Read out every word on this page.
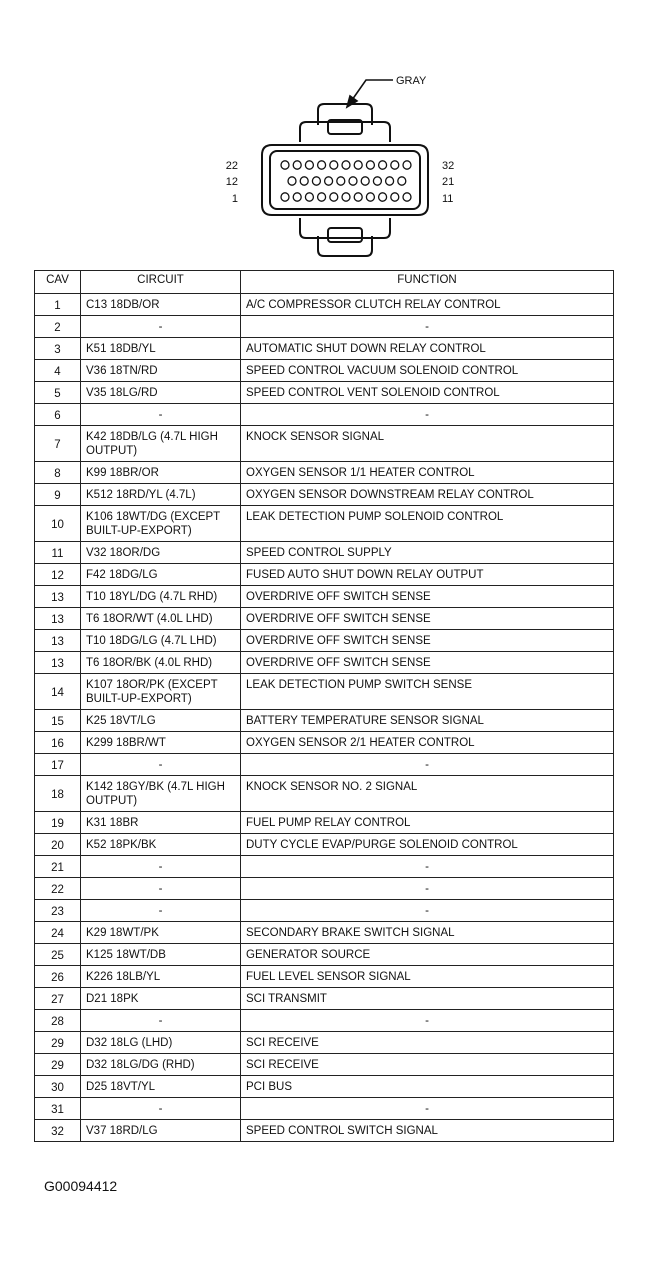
GRAY
22
12
1
32
21
11
CAV	CIRCUIT	FUNCTION
1	C13 18DB/OR	A/C COMPRESSOR CLUTCH RELAY CONTROL
2	-	-
3	K51 18DB/YL	AUTOMATIC SHUT DOWN RELAY CONTROL
4	V36 18TN/RD	SPEED CONTROL VACUUM SOLENOID CONTROL
5	V35 18LG/RD	SPEED CONTROL VENT SOLENOID CONTROL
6	-	-
7	K42 18DB/LG (4.7L HIGH OUTPUT)	KNOCK SENSOR SIGNAL
8	K99 18BR/OR	OXYGEN SENSOR 1/1 HEATER CONTROL
9	K512 18RD/YL (4.7L)	OXYGEN SENSOR DOWNSTREAM RELAY CONTROL
10	K106 18WT/DG (EXCEPT BUILT-UP-EXPORT)	LEAK DETECTION PUMP SOLENOID CONTROL
11	V32 18OR/DG	SPEED CONTROL SUPPLY
12	F42 18DG/LG	FUSED AUTO SHUT DOWN RELAY OUTPUT
13	T10 18YL/DG (4.7L RHD)	OVERDRIVE OFF SWITCH SENSE
13	T6 18OR/WT (4.0L LHD)	OVERDRIVE OFF SWITCH SENSE
13	T10 18DG/LG (4.7L LHD)	OVERDRIVE OFF SWITCH SENSE
13	T6 18OR/BK (4.0L RHD)	OVERDRIVE OFF SWITCH SENSE
14	K107 18OR/PK (EXCEPT BUILT-UP-EXPORT)	LEAK DETECTION PUMP SWITCH SENSE
15	K25 18VT/LG	BATTERY TEMPERATURE SENSOR SIGNAL
16	K299 18BR/WT	OXYGEN SENSOR 2/1 HEATER CONTROL
17	-	-
18	K142 18GY/BK (4.7L HIGH OUTPUT)	KNOCK SENSOR NO. 2 SIGNAL
19	K31 18BR	FUEL PUMP RELAY CONTROL
20	K52 18PK/BK	DUTY CYCLE EVAP/PURGE SOLENOID CONTROL
21	-	-
22	-	-
23	-	-
24	K29 18WT/PK	SECONDARY BRAKE SWITCH SIGNAL
25	K125 18WT/DB	GENERATOR SOURCE
26	K226 18LB/YL	FUEL LEVEL SENSOR SIGNAL
27	D21 18PK	SCI TRANSMIT
28	-	-
29	D32 18LG (LHD)	SCI RECEIVE
29	D32 18LG/DG (RHD)	SCI RECEIVE
30	D25 18VT/YL	PCI BUS
31	-	-
32	V37 18RD/LG	SPEED CONTROL SWITCH SIGNAL
G00094412
